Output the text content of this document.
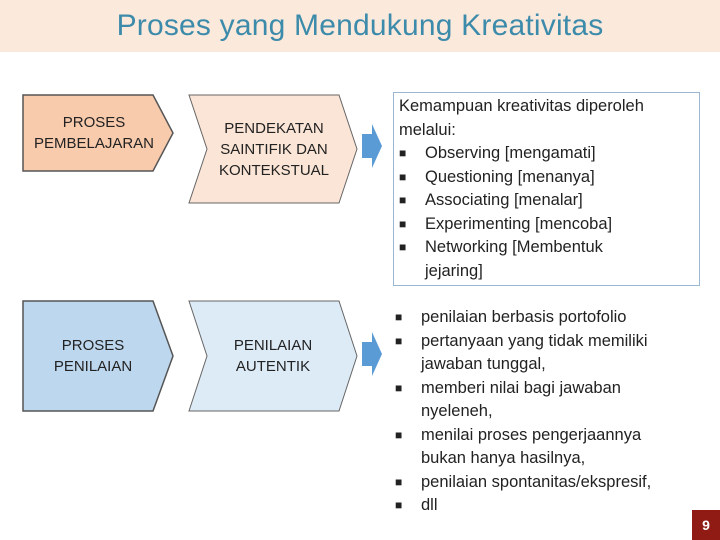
Proses yang Mendukung Kreativitas
PROSES PEMBELAJARAN
PENDEKATAN SAINTIFIK DAN KONTEKSTUAL
Kemampuan kreativitas diperoleh melalui:
■	Observing [mengamati]
■	Questioning [menanya]
■	Associating [menalar]
■	Experimenting [mencoba]
■	Networking [Membentuk jejaring]
PROSES PENILAIAN
PENILAIAN AUTENTIK
■	penilaian berbasis portofolio
■	pertanyaan yang tidak memiliki jawaban tunggal,
■	memberi nilai bagi jawaban nyeleneh,
■	menilai proses pengerjaannya bukan hanya hasilnya,
■	penilaian spontanitas/ekspresif,
■	dll
9
